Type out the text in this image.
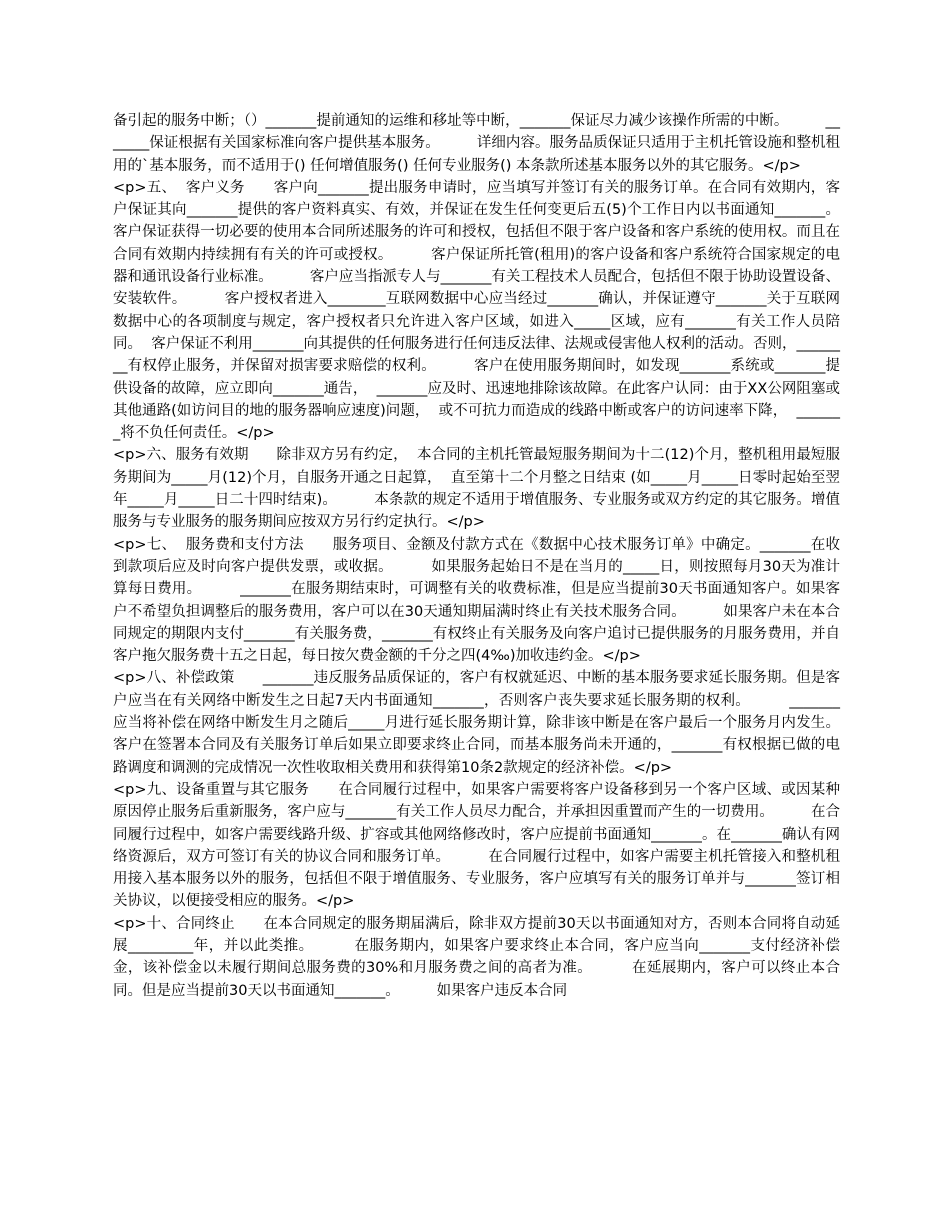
备引起的服务中断；（）_______提前通知的运维和移址等中断，_______保证尽力减少该操作所需的中断。        _______保证根据有关国家标准向客户提供基本服务。        详细内容。服务品质保证只适用于主机托管设施和整机租用的`基本服务，而不适用于() 任何增值服务() 任何专业服务() 本条款所述基本服务以外的其它服务。</p>

<p>五、  客户义务      客户向_______提出服务申请时，应当填写并签订有关的服务订单。在合同有效期内，客户保证其向_______提供的客户资料真实、有效，并保证在发生任何变更后五(5)个工作日内以书面通知_______。        客户保证获得一切必要的使用本合同所述服务的许可和授权，包括但不限于客户设备和客户系统的使用权。而且在合同有效期内持续拥有有关的许可或授权。        客户保证所托管(租用)的客户设备和客户系统符合国家规定的电器和通讯设备行业标准。        客户应当指派专人与_______有关工程技术人员配合，包括但不限于协助设置设备、安装软件。        客户授权者进入________互联网数据中心应当经过_______确认，并保证遵守_______关于互联网数据中心的各项制度与规定，客户授权者只允许进入客户区域，如进入_____区域，应有_______有关工作人员陪同。  客户保证不利用_______向其提供的任何服务进行任何违反法律、法规或侵害他人权利的活动。否则，________有权停止服务，并保留对损害要求赔偿的权利。        客户在使用服务期间时，如发现_______系统或_______提供设备的故障，应立即向_______通告，  _______应及时、迅速地排除该故障。在此客户认同：由于XX公网阻塞或其他通路(如访问目的地的服务器响应速度)问题，  或不可抗力而造成的线路中断或客户的访问速率下降，  _______将不负任何责任。</p>

<p>六、服务有效期      除非双方另有约定，  本合同的主机托管最短服务期间为十二(12)个月，整机租用最短服务期间为_____月(12)个月，自服务开通之日起算，  直至第十二个月整之日结束 (如_____月_____日零时起始至翌年_____月_____日二十四时结束)。        本条款的规定不适用于增值服务、专业服务或双方约定的其它服务。增值服务与专业服务的服务期间应按双方另行约定执行。</p>

<p>七、  服务费和支付方法      服务项目、金额及付款方式在《数据中心技术服务订单》中确定。_______在收到款项后应及时向客户提供发票，或收据。        如果服务起始日不是在当月的_____日，则按照每月30天为准计算每日费用。        _______在服务期结束时，可调整有关的收费标准，但是应当提前30天书面通知客户。如果客户不希望负担调整后的服务费用，客户可以在30天通知期届满时终止有关技术服务合同。        如果客户未在本合同规定的期限内支付_______有关服务费，_______有权终止有关服务及向客户追讨已提供服务的月服务费用，并自客户拖欠服务费十五之日起，每日按欠费金额的千分之四(4‰)加收违约金。</p>

<p>八、补偿政策      _______违反服务品质保证的，客户有权就延迟、中断的基本服务要求延长服务期。但是客户应当在有关网络中断发生之日起7天内书面通知_______，否则客户丧失要求延长服务期的权利。        _______应当将补偿在网络中断发生月之随后_____月进行延长服务期计算，除非该中断是在客户最后一个服务月内发生。        客户在签署本合同及有关服务订单后如果立即要求终止合同，而基本服务尚未开通的，_______有权根据已做的电路调度和调测的完成情况一次性收取相关费用和获得第10条2款规定的经济补偿。</p>

<p>九、设备重置与其它服务      在合同履行过程中，如果客户需要将客户设备移到另一个客户区域、或因某种原因停止服务后重新服务，客户应与_______有关工作人员尽力配合，并承担因重置而产生的一切费用。        在合同履行过程中，如客户需要线路升级、扩容或其他网络修改时，客户应提前书面通知_______。在_______确认有网络资源后，双方可签订有关的协议合同和服务订单。        在合同履行过程中，如客户需要主机托管接入和整机租用接入基本服务以外的服务，包括但不限于增值服务、专业服务，客户应填写有关的服务订单并与_______签订相关协议，以便接受相应的服务。</p>

<p>十、合同终止      在本合同规定的服务期届满后，除非双方提前30天以书面通知对方，否则本合同将自动延展_________年，并以此类推。        在服务期内，如果客户要求终止本合同，客户应当向_______支付经济补偿金，该补偿金以未履行期间总服务费的30%和月服务费之间的高者为准。        在延展期内，客户可以终止本合同。但是应当提前30天以书面通知_______。        如果客户违反本合同
